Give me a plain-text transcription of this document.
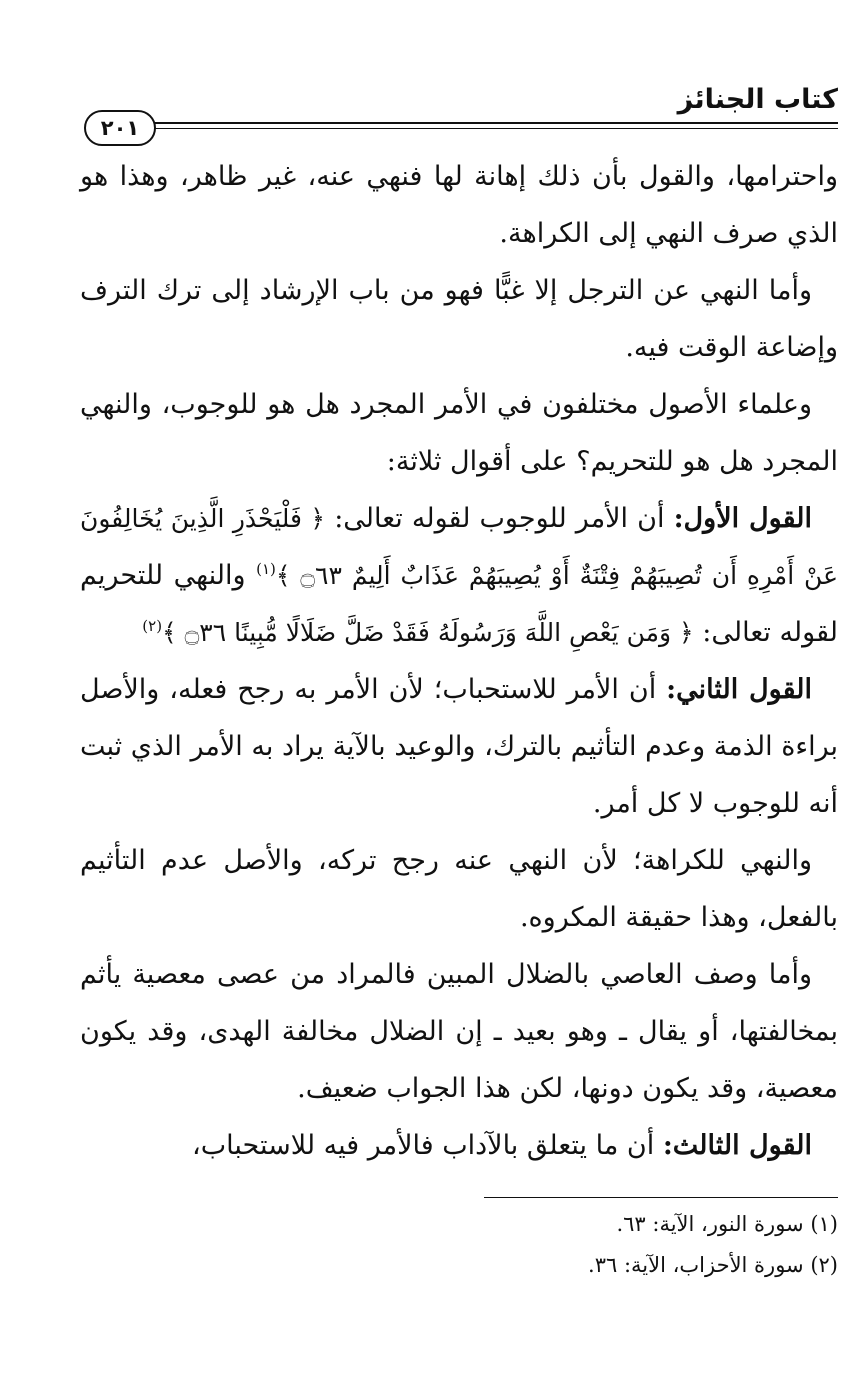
كتاب الجنائز
٢٠١

واحترامها، والقول بأن ذلك إهانة لها فنهي عنه، غير ظاهر، وهذا هو الذي صرف النهي إلى الكراهة.

وأما النهي عن الترجل إلا غبًّا فهو من باب الإرشاد إلى ترك الترف وإضاعة الوقت فيه.

وعلماء الأصول مختلفون في الأمر المجرد هل هو للوجوب، والنهي المجرد هل هو للتحريم؟ على أقوال ثلاثة:

القول الأول: أن الأمر للوجوب لقوله تعالى: ﴿ فَلْيَحْذَرِ الَّذِينَ يُخَالِفُونَ عَنْ أَمْرِهِ أَن تُصِيبَهُمْ فِتْنَةٌ أَوْ يُصِيبَهُمْ عَذَابٌ أَلِيمٌ ۝٦٣ ﴾$^{(١)}$ والنهي للتحريم لقوله تعالى: ﴿ وَمَن يَعْصِ اللَّهَ وَرَسُولَهُ فَقَدْ ضَلَّ ضَلَالًا مُّبِينًا ۝٣٦ ﴾$^{(٢)}$

القول الثاني: أن الأمر للاستحباب؛ لأن الأمر به رجح فعله، والأصل براءة الذمة وعدم التأثيم بالترك، والوعيد بالآية يراد به الأمر الذي ثبت أنه للوجوب لا كل أمر.

والنهي للكراهة؛ لأن النهي عنه رجح تركه، والأصل عدم التأثيم بالفعل، وهذا حقيقة المكروه.

وأما وصف العاصي بالضلال المبين فالمراد من عصى معصية يأثم بمخالفتها، أو يقال ـ وهو بعيد ـ إن الضلال مخالفة الهدى، وقد يكون معصية، وقد يكون دونها، لكن هذا الجواب ضعيف.

القول الثالث: أن ما يتعلق بالآداب فالأمر فيه للاستحباب،

(١) سورة النور، الآية: ٦٣.
(٢) سورة الأحزاب، الآية: ٣٦.
